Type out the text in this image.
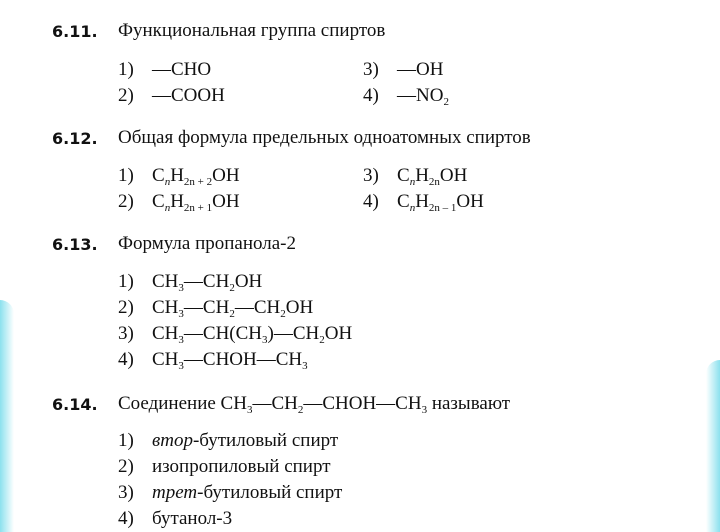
6.11. Функциональная группа спиртов
1) —CHO
2) —COOH
3) —OH
4) $—NO_2$
6.12. Общая формула предельных одноатомных спиртов
1) $C_nH_{2n + 2}OH$
2) $C_nH_{2n + 1}OH$
3) $C_nH_{2n}OH$
4) $C_nH_{2n - 1}OH$
6.13. Формула пропанола-2
1) $CH_3—CH_2OH$
2) $CH_3—CH_2—CH_2OH$
3) $CH_3—CH(CH_3)—CH_2OH$
4) $CH_3—CHOH—CH_3$
6.14. Соединение $CH_3—CH_2—CHOH—CH_3$ называют
1) втор-бутиловый спирт
2) изопропиловый спирт
3) трет-бутиловый спирт
4) бутанол-3
